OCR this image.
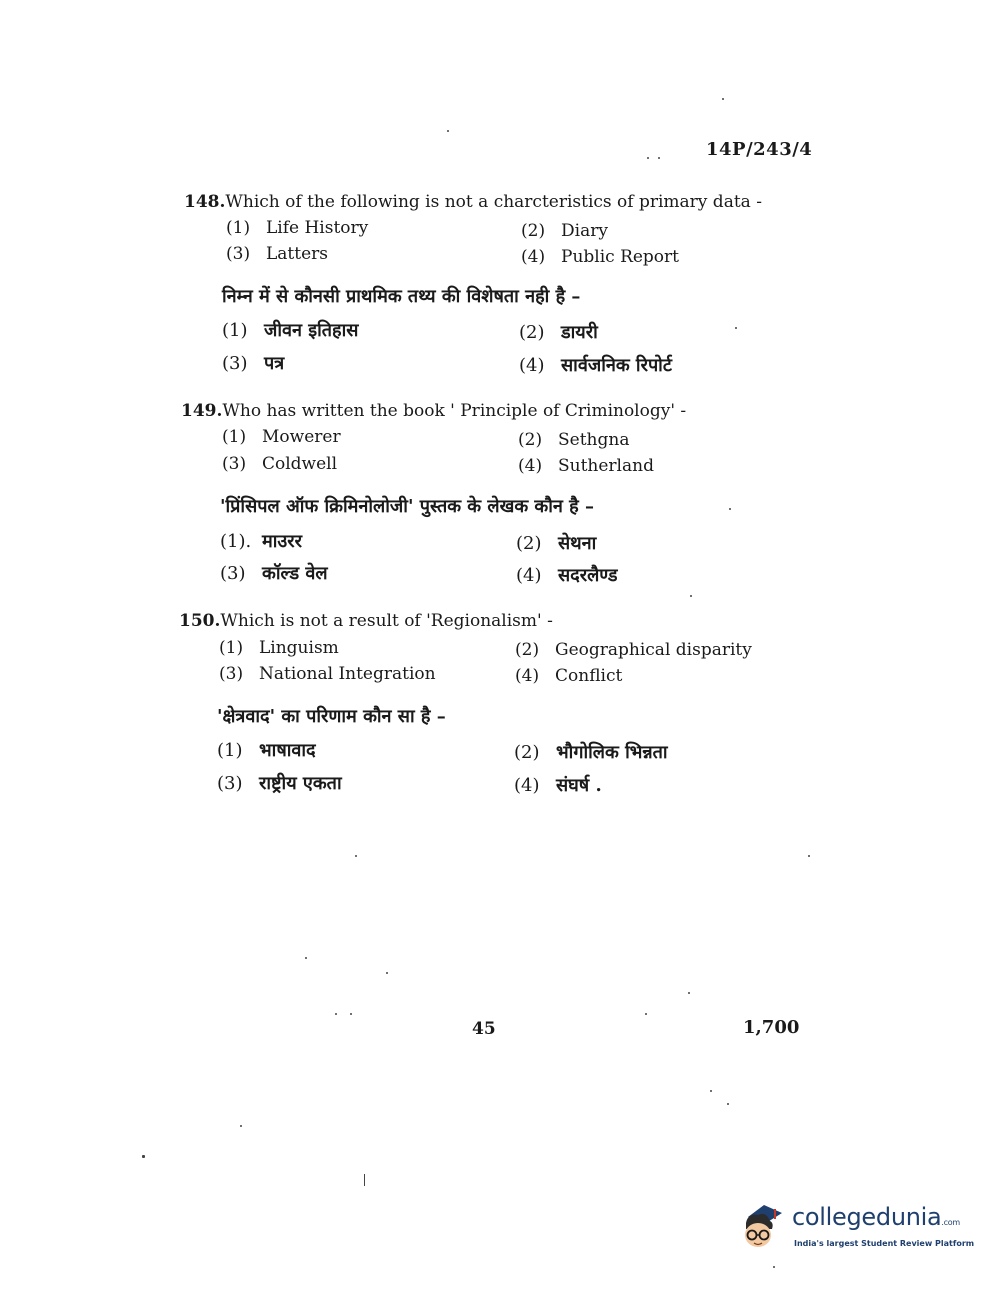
14P/243/4
148.Which of the following is not a charcteristics of primary data -
(1) Life History	(2) Diary
(3) Latters	(4) Public Report
निम्न में से कौनसी प्राथमिक तथ्य की विशेषता नही है –
(1) जीवन इतिहास	(2) डायरी
(3) पत्र	(4) सार्वजनिक रिपोर्ट
149.Who has written the book ' Principle of Criminology' -
(1) Mowerer	(2) Sethgna
(3) Coldwell	(4) Sutherland
'प्रिंसिपल ऑफ क्रिमिनोलोजी' पुस्तक के लेखक कौन है –
(1). माउरर	(2) सेथना
(3) कॉल्ड वेल	(4) सदरलैण्ड
150.Which is not a result of 'Regionalism' -
(1) Linguism	(2) Geographical disparity
(3) National Integration	(4) Conflict
'क्षेत्रवाद' का परिणाम कौन सा है –
(1) भाषावाद	(2) भौगोलिक भिन्नता
(3) राष्ट्रीय एकता	(4) संघर्ष .
45	1,700
collegedunia.com
India's largest Student Review Platform
